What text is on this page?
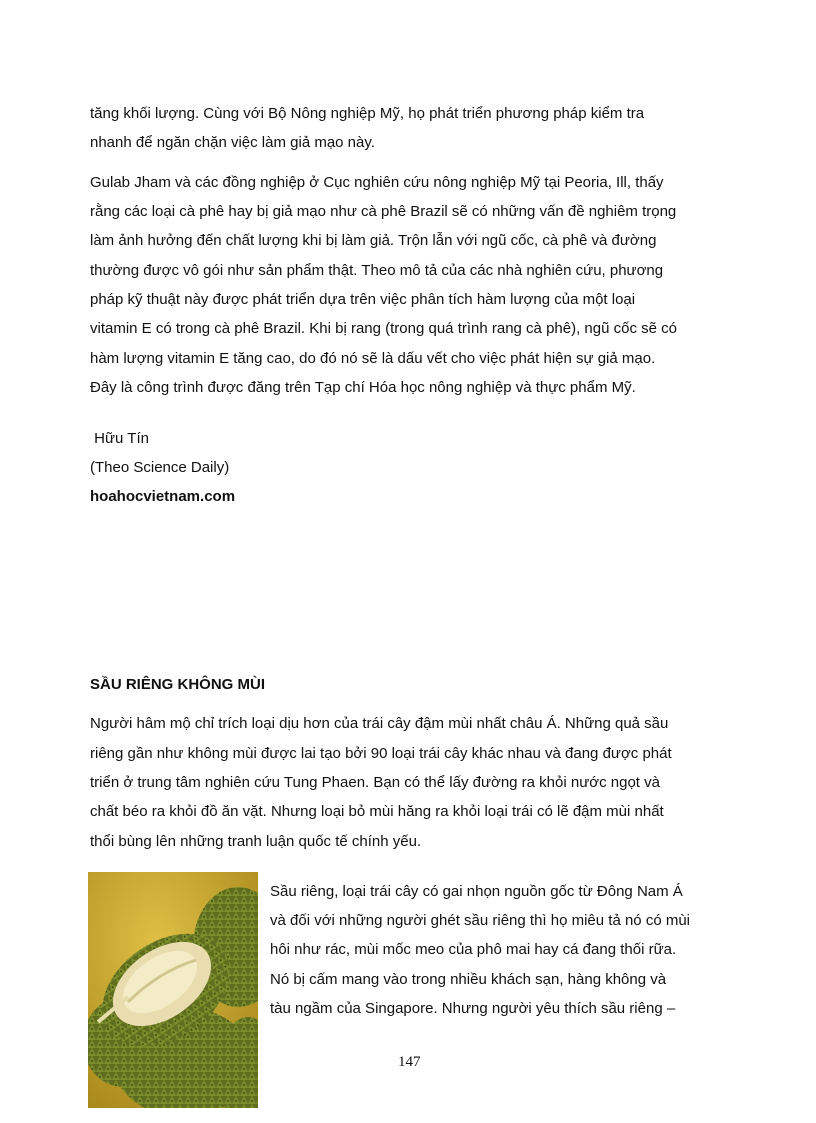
tăng khối lượng. Cùng với Bộ Nông nghiệp Mỹ, họ phát triển phương pháp kiểm tra
nhanh để ngăn chặn việc làm giả mạo này.
Gulab Jham và các đồng nghiệp ở Cục nghiên cứu nông nghiệp Mỹ tại Peoria, Ill, thấy
rằng các loại cà phê hay bị giả mạo như cà phê Brazil sẽ có những vấn đề nghiêm trọng
làm ảnh hưởng đến chất lượng khi bị làm giả. Trộn lẫn với ngũ cốc, cà phê và đường
thường được vô gói như sản phẩm thật. Theo mô tả của các nhà nghiên cứu, phương
pháp kỹ thuật này được phát triển dựa trên việc phân tích hàm lượng của một loại
vitamin E có trong cà phê Brazil. Khi bị rang (trong quá trình rang cà phê), ngũ cốc sẽ có
hàm lượng vitamin E tăng cao, do đó nó sẽ là dấu vết cho việc phát hiện sự giả mạo.
Đây là công trình được đăng trên Tạp chí Hóa học nông nghiệp và thực phẩm Mỹ.
Hữu Tín
(Theo Science Daily)
hoahocvietnam.com
SẦU RIÊNG KHÔNG MÙI
Người hâm mộ chỉ trích loại dịu hơn của trái cây đậm mùi nhất châu Á. Những quả sầu
riêng gần như không mùi được lai tạo bởi 90 loại trái cây khác nhau và đang được phát
triển ở trung tâm nghiên cứu Tung Phaen. Bạn có thể lấy đường ra khỏi nước ngọt và
chất béo ra khỏi đồ ăn vặt. Nhưng loại bỏ mùi hăng ra khỏi loại trái có lẽ đậm mùi nhất
thổi bùng lên những tranh luận quốc tế chính yếu.
Sầu riêng, loại trái cây có gai nhọn nguồn gốc từ Đông Nam Á
và đối với những người ghét sầu riêng thì họ miêu tả nó có mùi
hôi như rác, mùi mốc meo của phô mai hay cá đang thối rữa.
Nó bị cấm mang vào trong nhiều khách sạn, hàng không và
tàu ngầm của Singapore. Nhưng người yêu thích sầu riêng –
147
